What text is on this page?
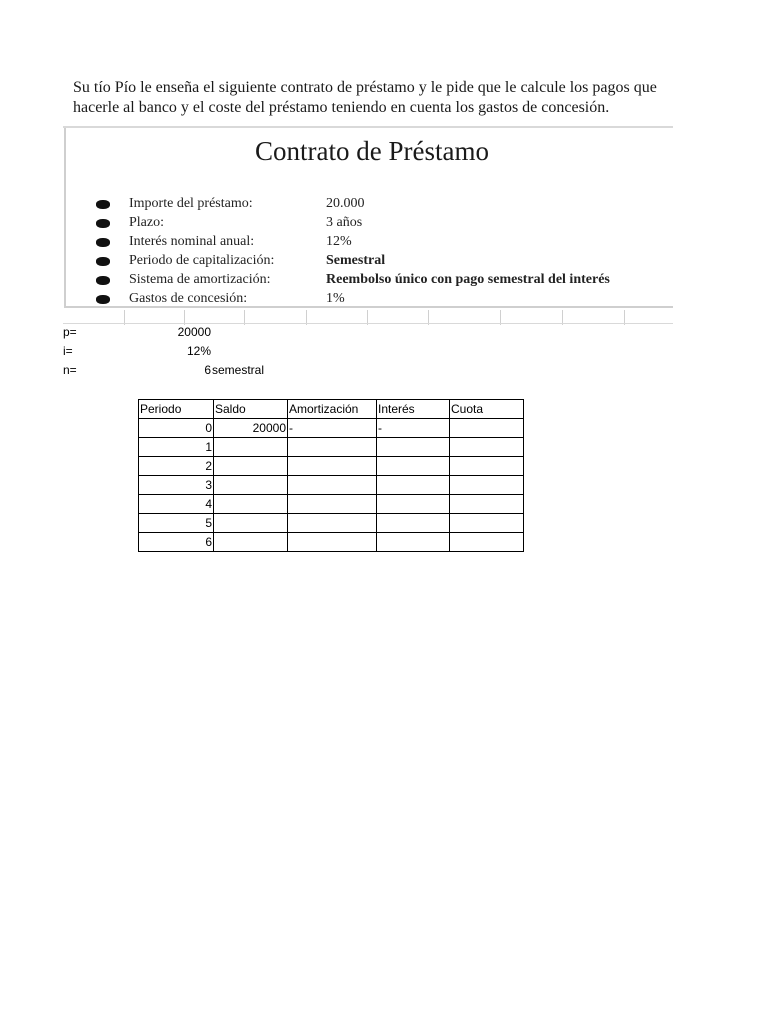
Su tío Pío le enseña el siguiente contrato de préstamo y le pide que le calcule los pagos que
hacerle al banco y el coste del préstamo teniendo en cuenta los gastos de concesión.
Contrato de Préstamo
Importe del préstamo:	20.000
Plazo:	3 años
Interés nominal anual:	12%
Periodo de capitalización:	Semestral
Sistema de amortización:	Reembolso único con pago semestral del interés
Gastos de concesión:	1%
p=	20000
i=	12%
n=	6 semestral
Periodo	Saldo	Amortización	Interés	Cuota
0	20000	-	-	
1				
2				
3				
4				
5				
6				
